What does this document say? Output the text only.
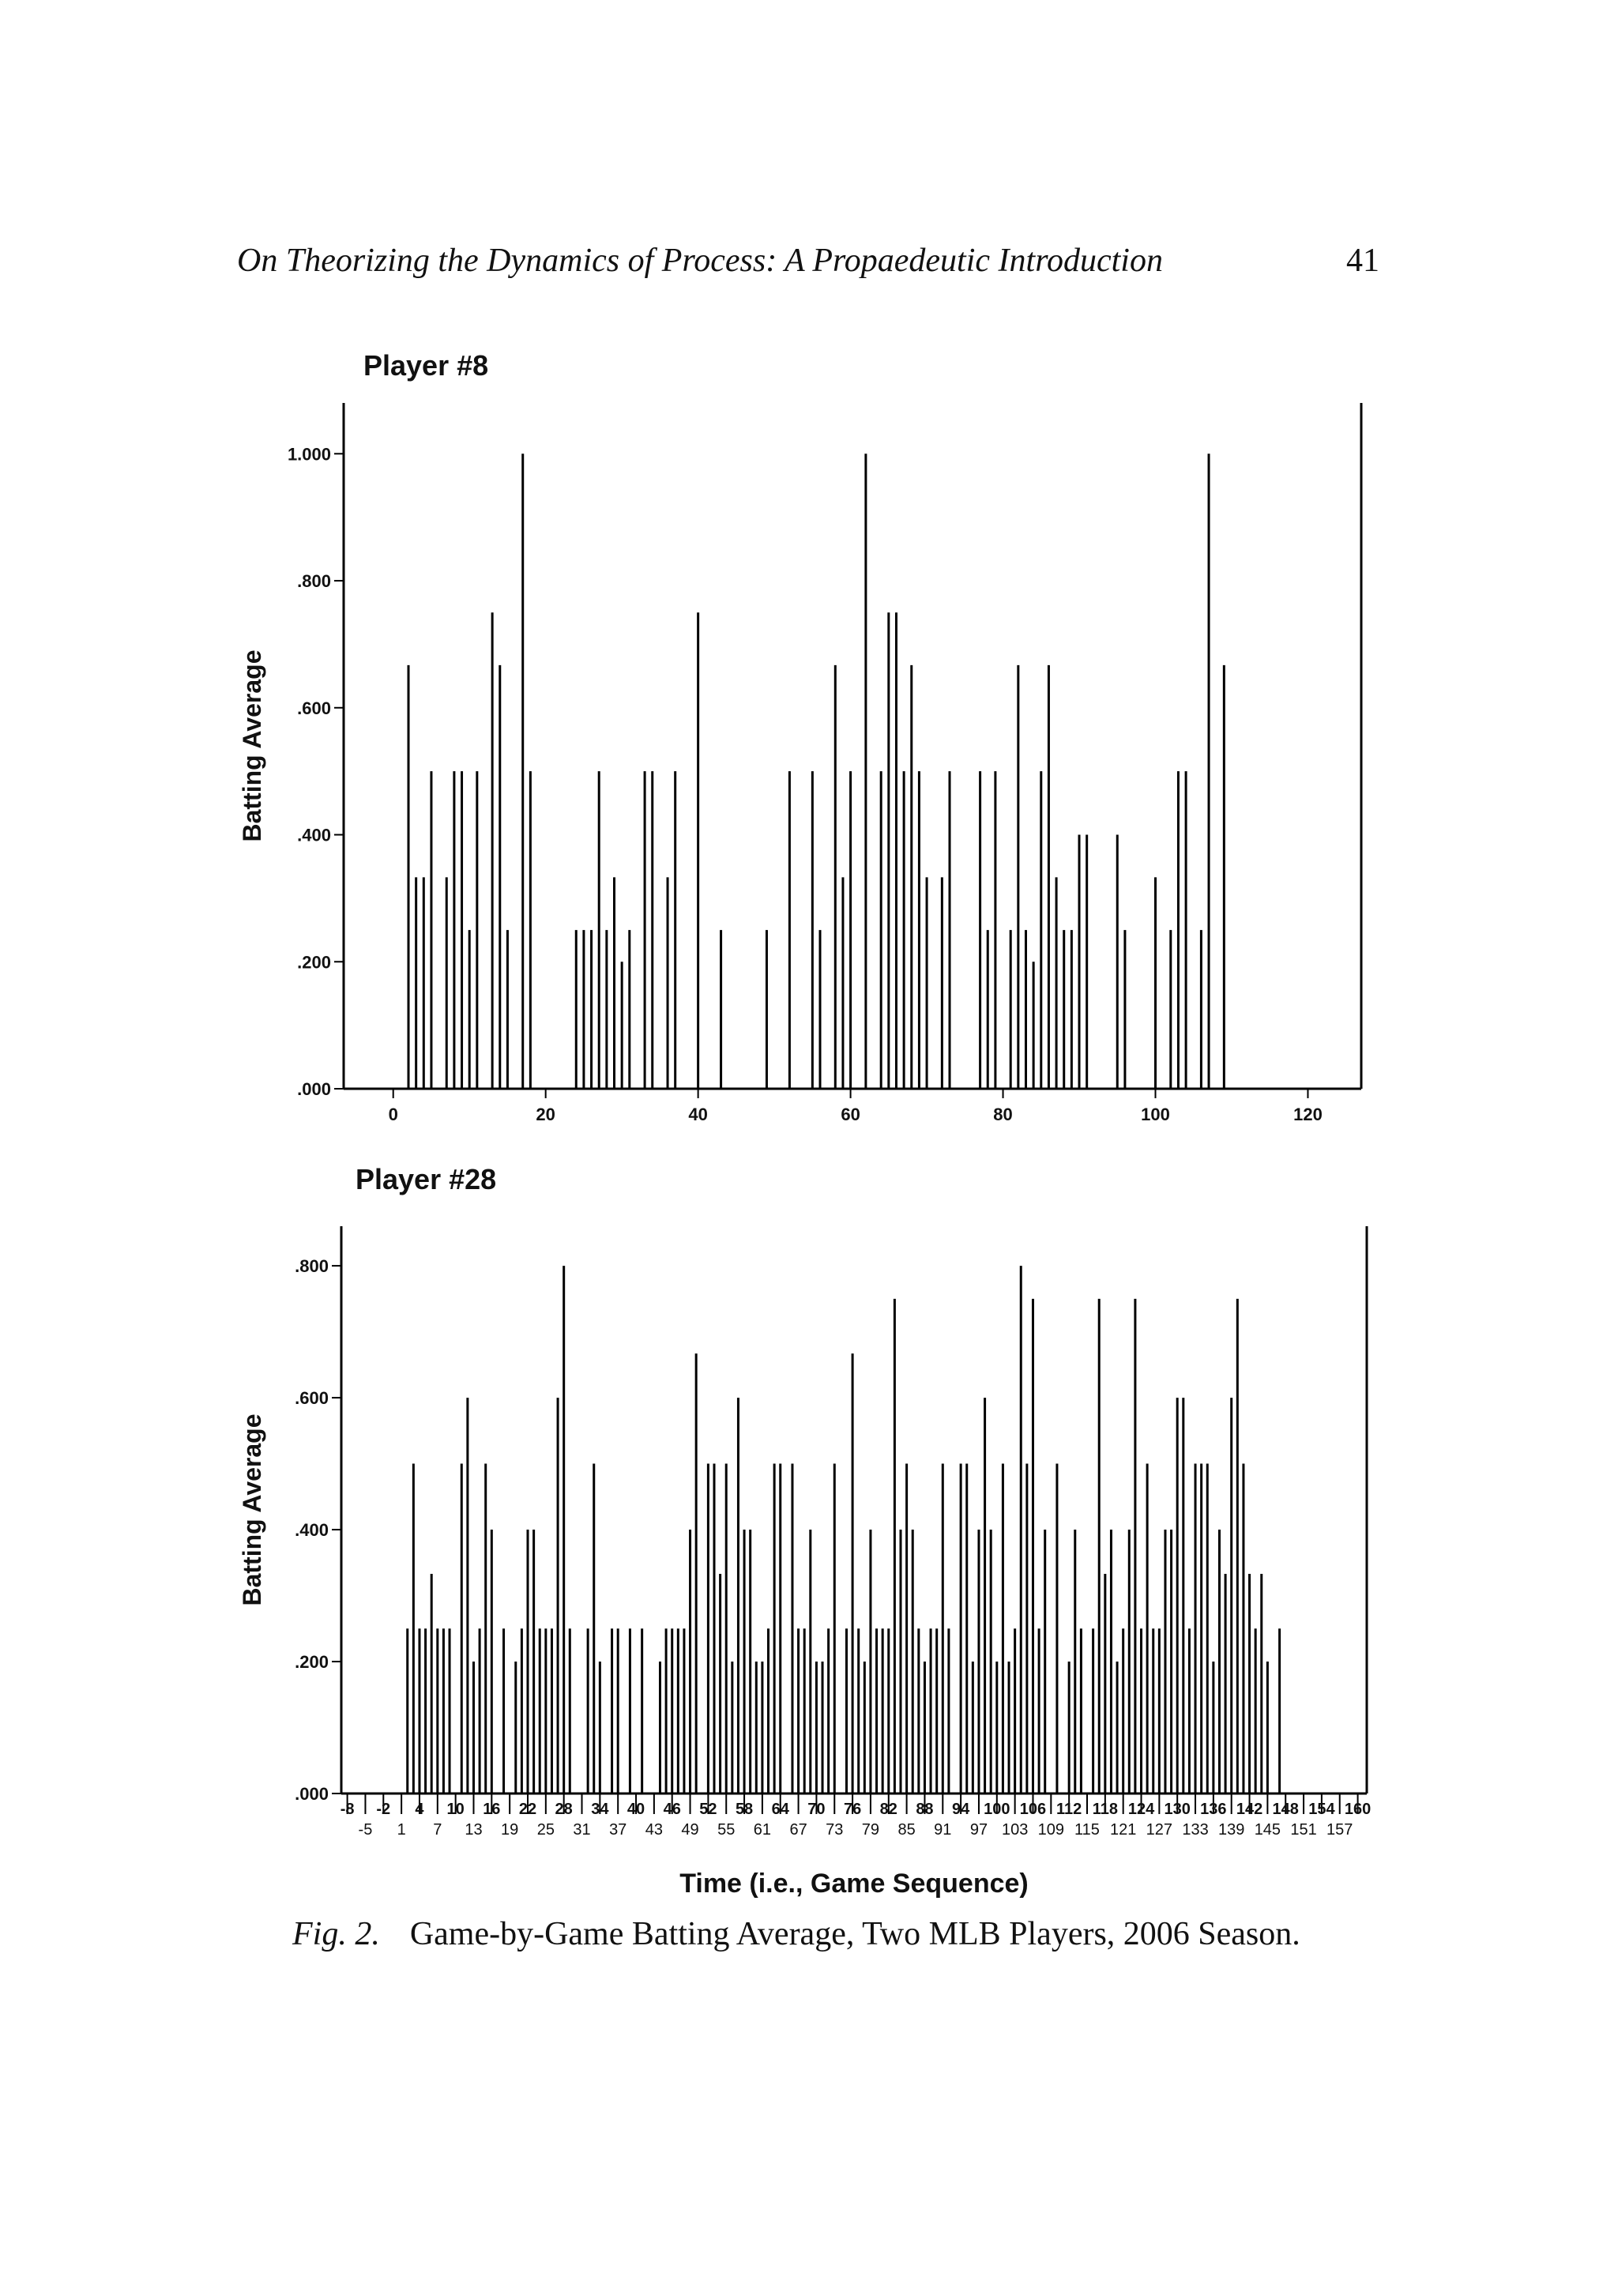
On Theorizing the Dynamics of Process: A Propaedeutic Introduction	41
Player #8
Batting Average
.000
.200
.400
.600
.800
1.000
0	20	40	60	80	100	120
Player #28
Batting Average
.000
.200
.400
.600
.800
-8 -2 4 10 16 22 28 34 40 46 52 58 64 70 76 82 88 94 100 106 112 118 124 130 136 142 148 154 160
-5 1 7 13 19 25 31 37 43 49 55 61 67 73 79 85 91 97 103 109 115 121 127 133 139 145 151 157
Time (i.e., Game Sequence)
Fig. 2. Game-by-Game Batting Average, Two MLB Players, 2006 Season.
